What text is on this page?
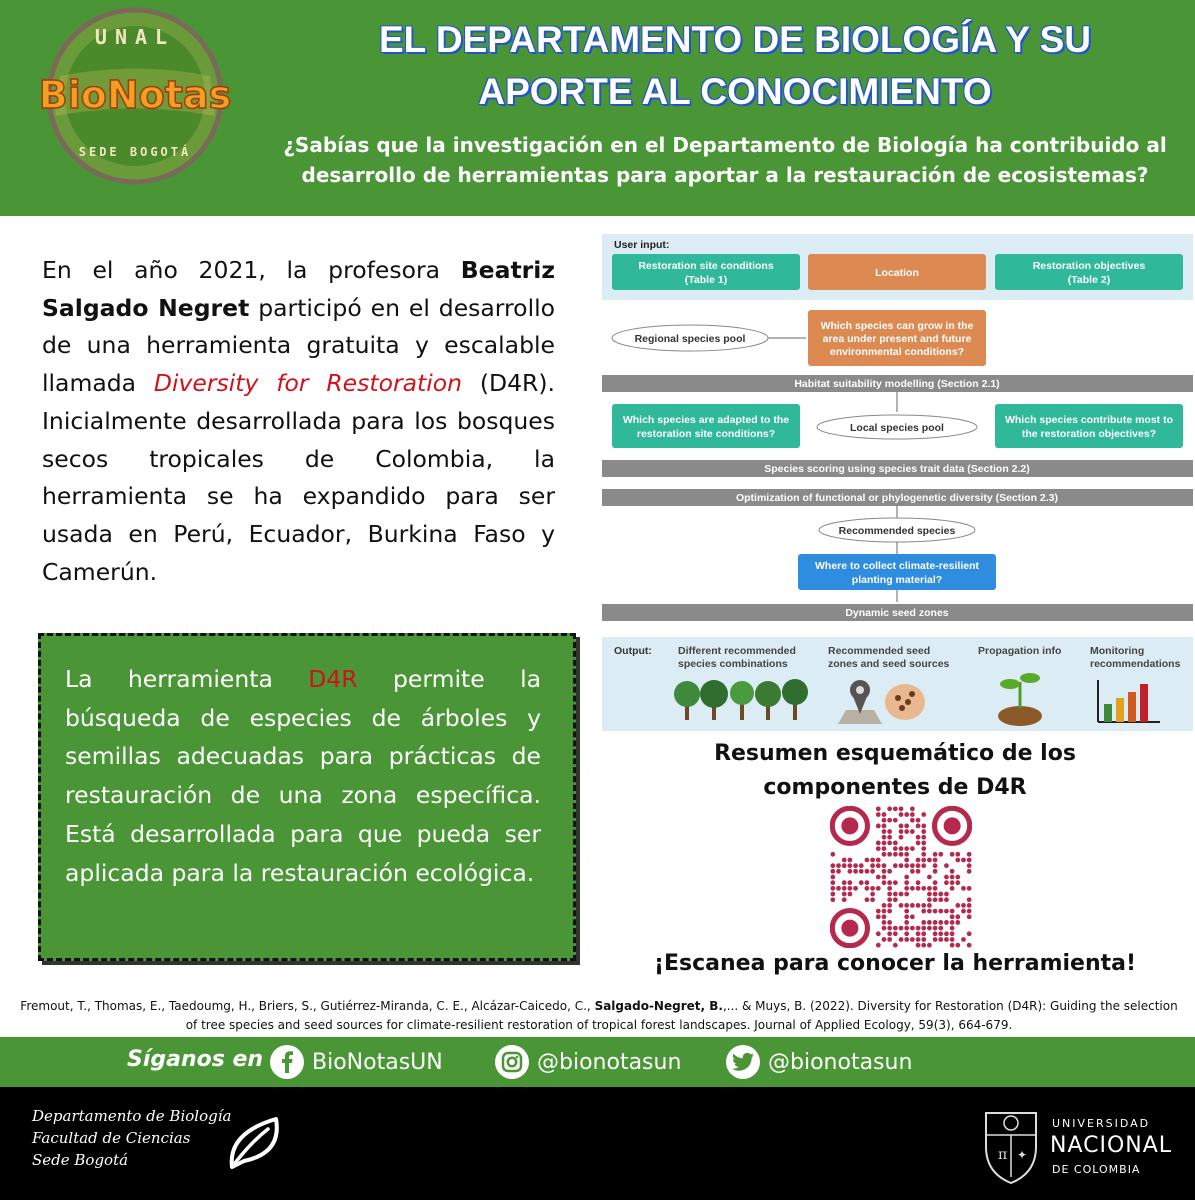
UNAL
BioNotas
SEDE BOGOTÁ
EL DEPARTAMENTO DE BIOLOGÍA Y SU
APORTE AL CONOCIMIENTO
¿Sabías que la investigación en el Departamento de Biología ha contribuido al
desarrollo de herramientas para aportar a la restauración de ecosistemas?

En el año 2021, la profesora Beatriz Salgado Negret participó en el desarrollo de una herramienta gratuita y escalable llamada Diversity for Restoration (D4R). Inicialmente desarrollada para los bosques secos tropicales de Colombia, la herramienta se ha expandido para ser usada en Perú, Ecuador, Burkina Faso y Camerún.

La herramienta D4R permite la búsqueda de especies de árboles y semillas adecuadas para prácticas de restauración de una zona específica. Está desarrollada para que pueda ser aplicada para la restauración ecológica.

User input:
Restoration site conditions
(Table 1)
Location
Restoration objectives
(Table 2)
Regional species pool
Which species can grow in the
area under present and future
environmental conditions?
Habitat suitability modelling (Section 2.1)
Which species are adapted to the
restoration site conditions?	Local species pool
Which species contribute most to
the restoration objectives?
Species scoring using species trait data (Section 2.2)
Optimization of functional or phylogenetic diversity (Section 2.3)
Recommended species
Where to collect climate-resilient
planting material?
Dynamic seed zones
Output: Different recommended
species combinations
Recommended seed
zones and seed sources
Propagation info	Monitoring
recommendations
Resumen esquemático de los
componentes de D4R
¡Escanea para conocer la herramienta!
Fremout, T., Thomas, E., Taedoumg, H., Briers, S., Gutiérrez-Miranda, C. E., Alcázar-Caicedo, C., Salgado-Negret, B.,... & Muys, B. (2022). Diversity for Restoration (D4R): Guiding the selection of tree species and seed sources for climate-resilient restoration of tropical forest landscapes. Journal of Applied Ecology, 59(3), 664-679.
Síganos en BioNotasUN	@bionotasun	@bionotasun
Departamento de Biología
Facultad de Ciencias
Sede Bogotá	π ✦
UNIVERSIDAD
NACIONAL
DE COLOMBIA
